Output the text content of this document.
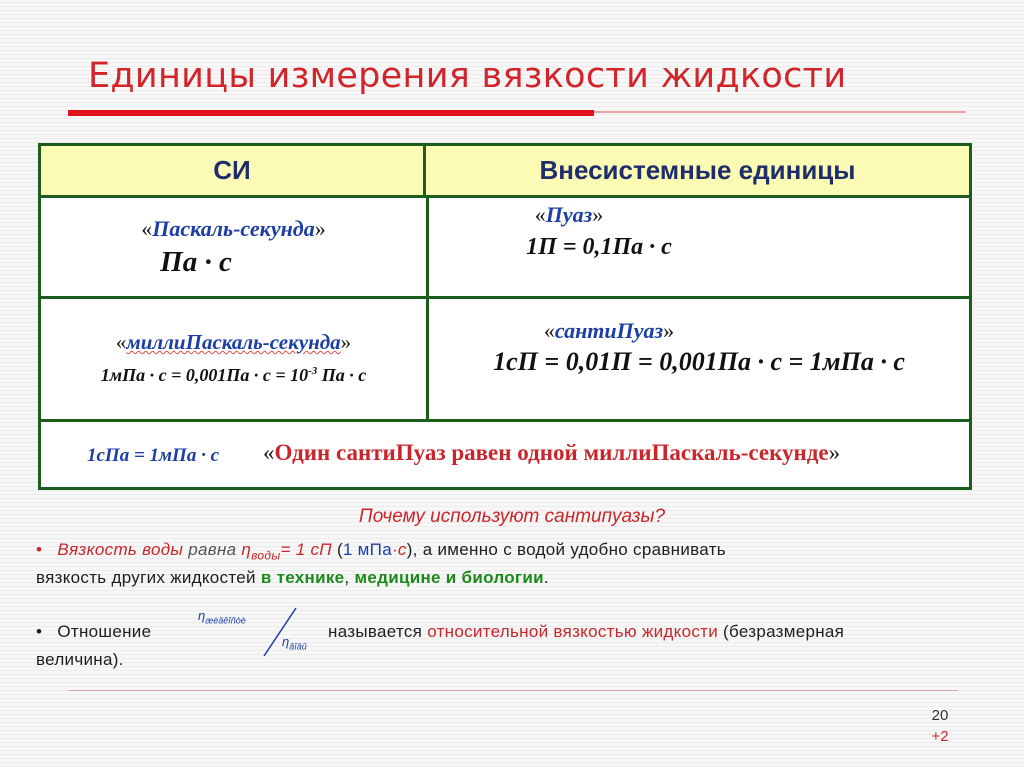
Единицы измерения вязкости жидкости
СИ	Внесистемные единицы
«Паскаль-секунда»
Па · с
«Пуаз»
1П = 0,1Па · с
«миллиПаскаль-секунда»
$1мПа \cdot с = 0,001Па \cdot с = 10^{-3}$ Па · с
«сантиПуаз»
1сП = 0,01П = 0,001Па · с = 1мПа · с
1сПа = 1мПа · с «Один сантиПуаз равен одной миллиПаскаль-секунде»
Почему используют сантипуазы?
• Вязкость воды равна $\eta_{воды}= 1$ сП (1 мПа·с), а именно с водой удобно сравнивать
вязкость других жидкостей в технике, медицине и биологии.
• Отношение
$\eta_{æèäêîñòè}$
$\eta_{âîäû}$
называется относительной вязкостью жидкости (безразмерная
величина).
20
+2
